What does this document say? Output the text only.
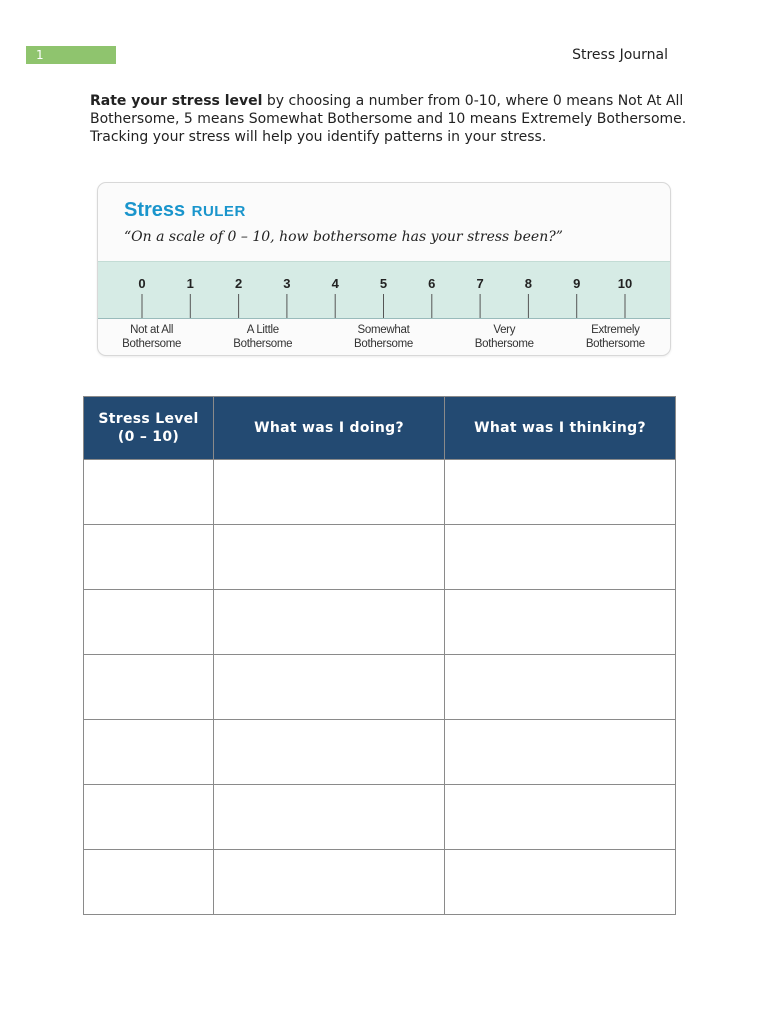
1	Stress Journal
Rate your stress level by choosing a number from 0-10, where 0 means Not At All Bothersome, 5 means Somewhat Bothersome and 10 means Extremely Bothersome. Tracking your stress will help you identify patterns in your stress.
Stress RULER
“On a scale of 0 – 10, how bothersome has your stress been?”
0	1	2	3	4	5	6	7	8	9	10
Not at All
Bothersome
A Little
Bothersome
Somewhat
Bothersome
Very
Bothersome
Extremely
Bothersome
Stress Level
(0 – 10)	What was I doing?	What was I thinking?
